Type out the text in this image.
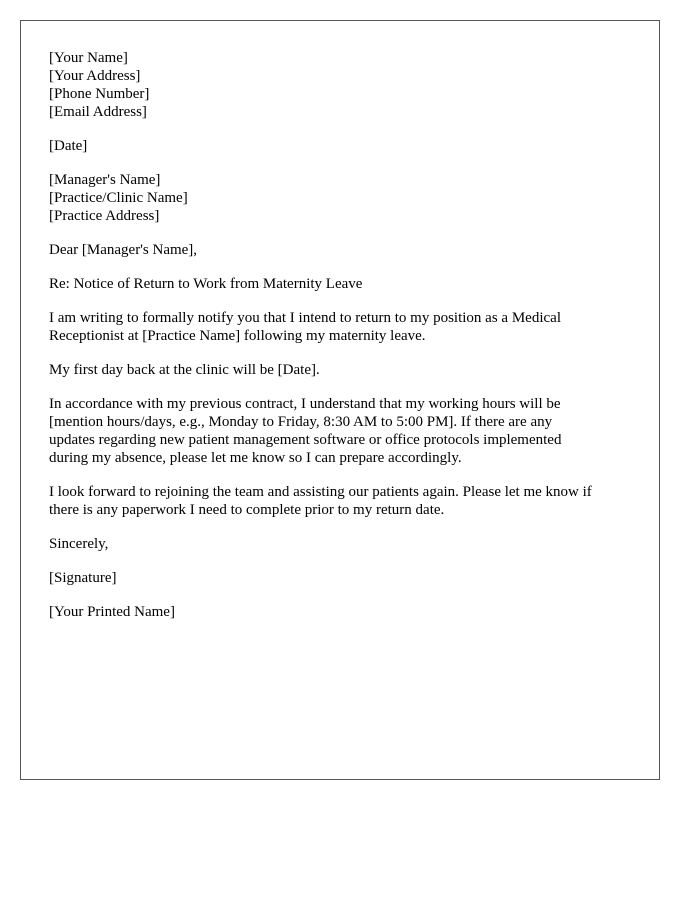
[Your Name]
[Your Address]
[Phone Number]
[Email Address]
[Date]
[Manager's Name]
[Practice/Clinic Name]
[Practice Address]

Dear [Manager's Name],

Re: Notice of Return to Work from Maternity Leave

I am writing to formally notify you that I intend to return to my position as a Medical
Receptionist at [Practice Name] following my maternity leave.

My first day back at the clinic will be [Date].

In accordance with my previous contract, I understand that my working hours will be
[mention hours/days, e.g., Monday to Friday, 8:30 AM to 5:00 PM]. If there are any
updates regarding new patient management software or office protocols implemented
during my absence, please let me know so I can prepare accordingly.

I look forward to rejoining the team and assisting our patients again. Please let me know if
there is any paperwork I need to complete prior to my return date.

Sincerely,

[Signature]

[Your Printed Name]
